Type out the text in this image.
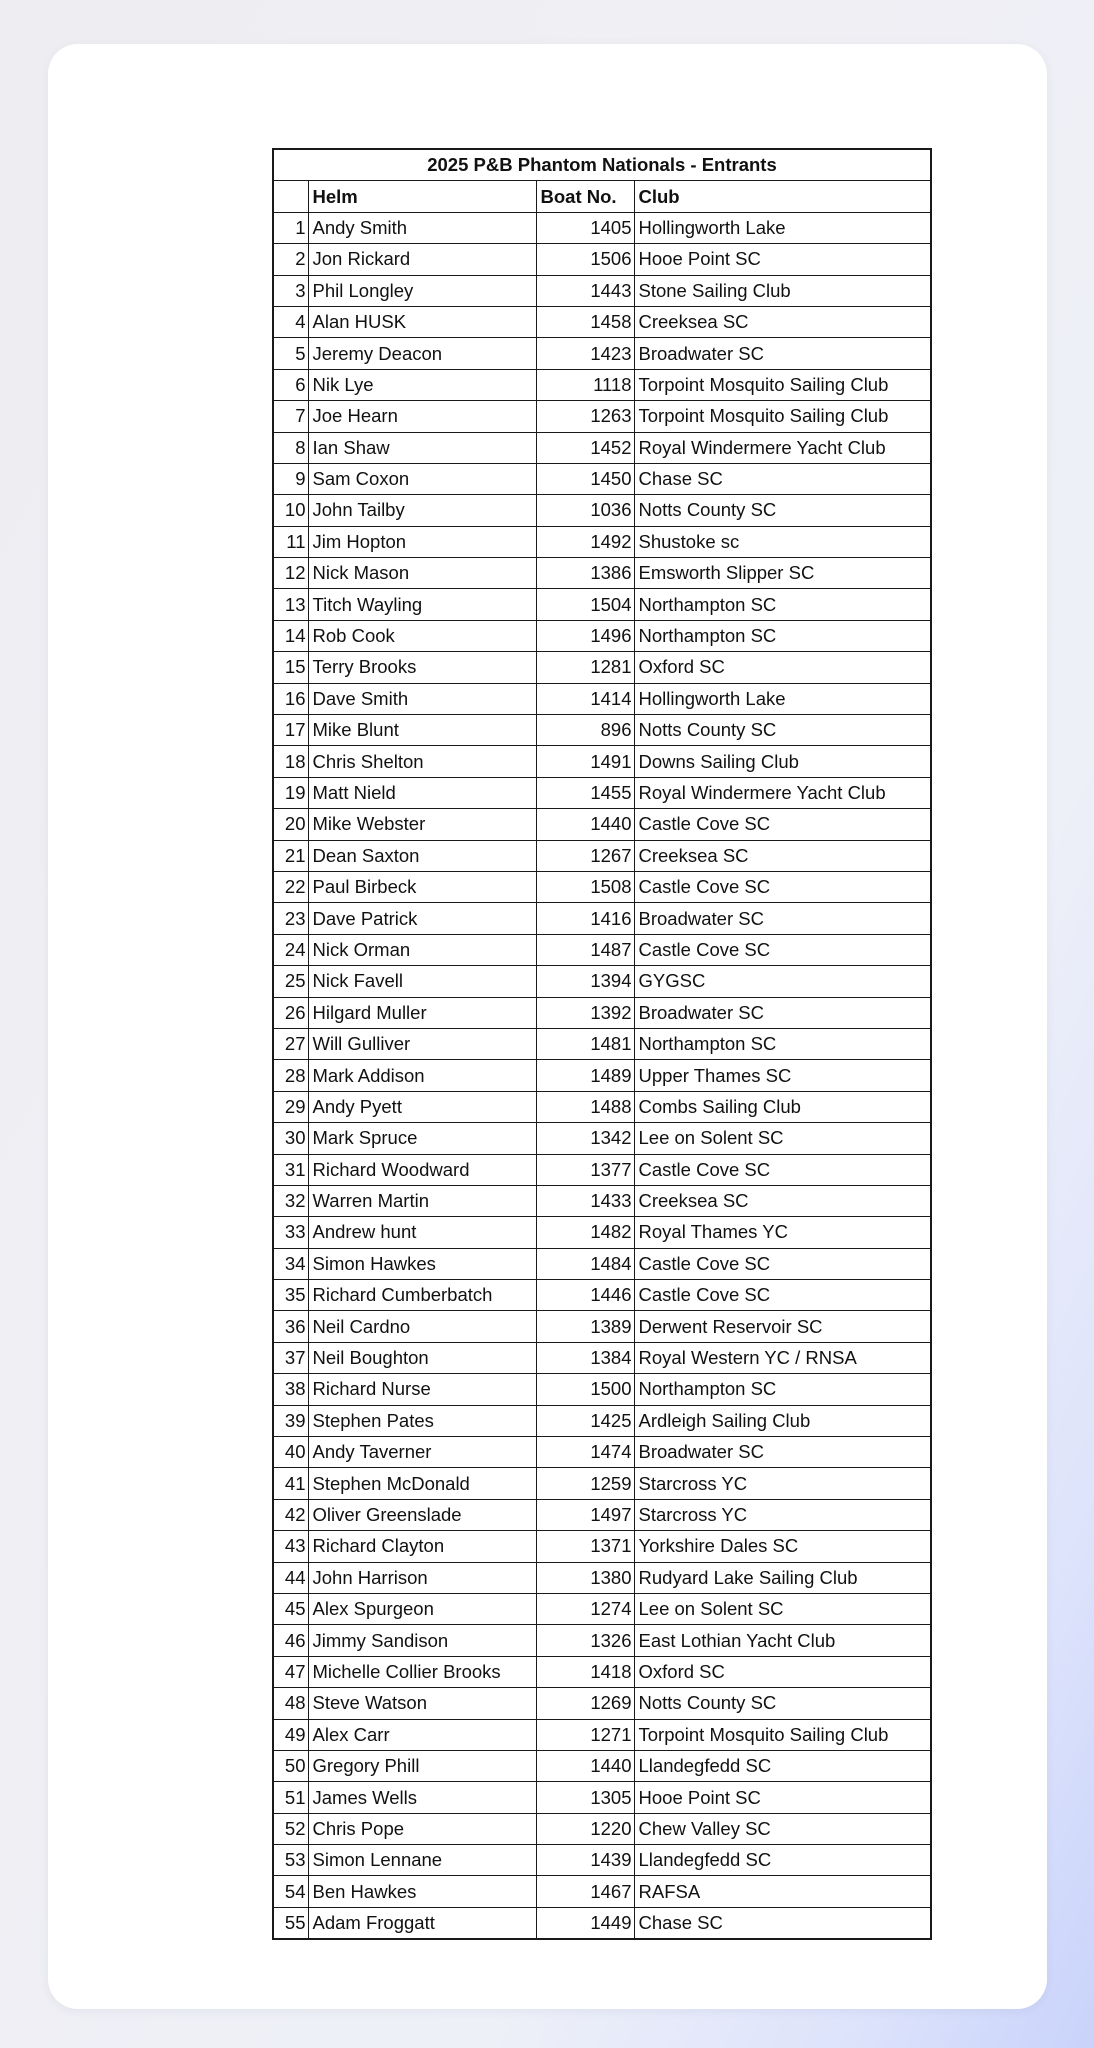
2025 P&B Phantom Nationals - Entrants			
	Helm	Boat No.	Club
1	Andy Smith	1405	Hollingworth Lake
2	Jon Rickard	1506	Hooe Point SC
3	Phil Longley	1443	Stone Sailing Club
4	Alan HUSK	1458	Creeksea SC
5	Jeremy Deacon	1423	Broadwater SC
6	Nik Lye	1118	Torpoint Mosquito Sailing Club
7	Joe Hearn	1263	Torpoint Mosquito Sailing Club
8	Ian Shaw	1452	Royal Windermere Yacht Club
9	Sam Coxon	1450	Chase SC
10	John Tailby	1036	Notts County SC
11	Jim Hopton	1492	Shustoke sc
12	Nick Mason	1386	Emsworth Slipper SC
13	Titch Wayling	1504	Northampton SC
14	Rob Cook	1496	Northampton SC
15	Terry Brooks	1281	Oxford SC
16	Dave Smith	1414	Hollingworth Lake
17	Mike Blunt	896	Notts County SC
18	Chris Shelton	1491	Downs Sailing Club
19	Matt Nield	1455	Royal Windermere Yacht Club
20	Mike Webster	1440	Castle Cove SC
21	Dean Saxton	1267	Creeksea SC
22	Paul Birbeck	1508	Castle Cove SC
23	Dave Patrick	1416	Broadwater SC
24	Nick Orman	1487	Castle Cove SC
25	Nick Favell	1394	GYGSC
26	Hilgard Muller	1392	Broadwater SC
27	Will Gulliver	1481	Northampton SC
28	Mark Addison	1489	Upper Thames SC
29	Andy Pyett	1488	Combs Sailing Club
30	Mark Spruce	1342	Lee on Solent SC
31	Richard Woodward	1377	Castle Cove SC
32	Warren Martin	1433	Creeksea SC
33	Andrew hunt	1482	Royal Thames YC
34	Simon Hawkes	1484	Castle Cove SC
35	Richard Cumberbatch	1446	Castle Cove SC
36	Neil Cardno	1389	Derwent Reservoir SC
37	Neil Boughton	1384	Royal Western YC / RNSA
38	Richard Nurse	1500	Northampton SC
39	Stephen Pates	1425	Ardleigh Sailing Club
40	Andy Taverner	1474	Broadwater SC
41	Stephen McDonald	1259	Starcross YC
42	Oliver Greenslade	1497	Starcross YC
43	Richard Clayton	1371	Yorkshire Dales SC
44	John Harrison	1380	Rudyard Lake Sailing Club
45	Alex Spurgeon	1274	Lee on Solent SC
46	Jimmy Sandison	1326	East Lothian Yacht Club
47	Michelle Collier Brooks	1418	Oxford SC
48	Steve Watson	1269	Notts County SC
49	Alex Carr	1271	Torpoint Mosquito Sailing Club
50	Gregory Phill	1440	Llandegfedd SC
51	James Wells	1305	Hooe Point SC
52	Chris Pope	1220	Chew Valley SC
53	Simon Lennane	1439	Llandegfedd SC
54	Ben Hawkes	1467	RAFSA
55	Adam Froggatt	1449	Chase SC
